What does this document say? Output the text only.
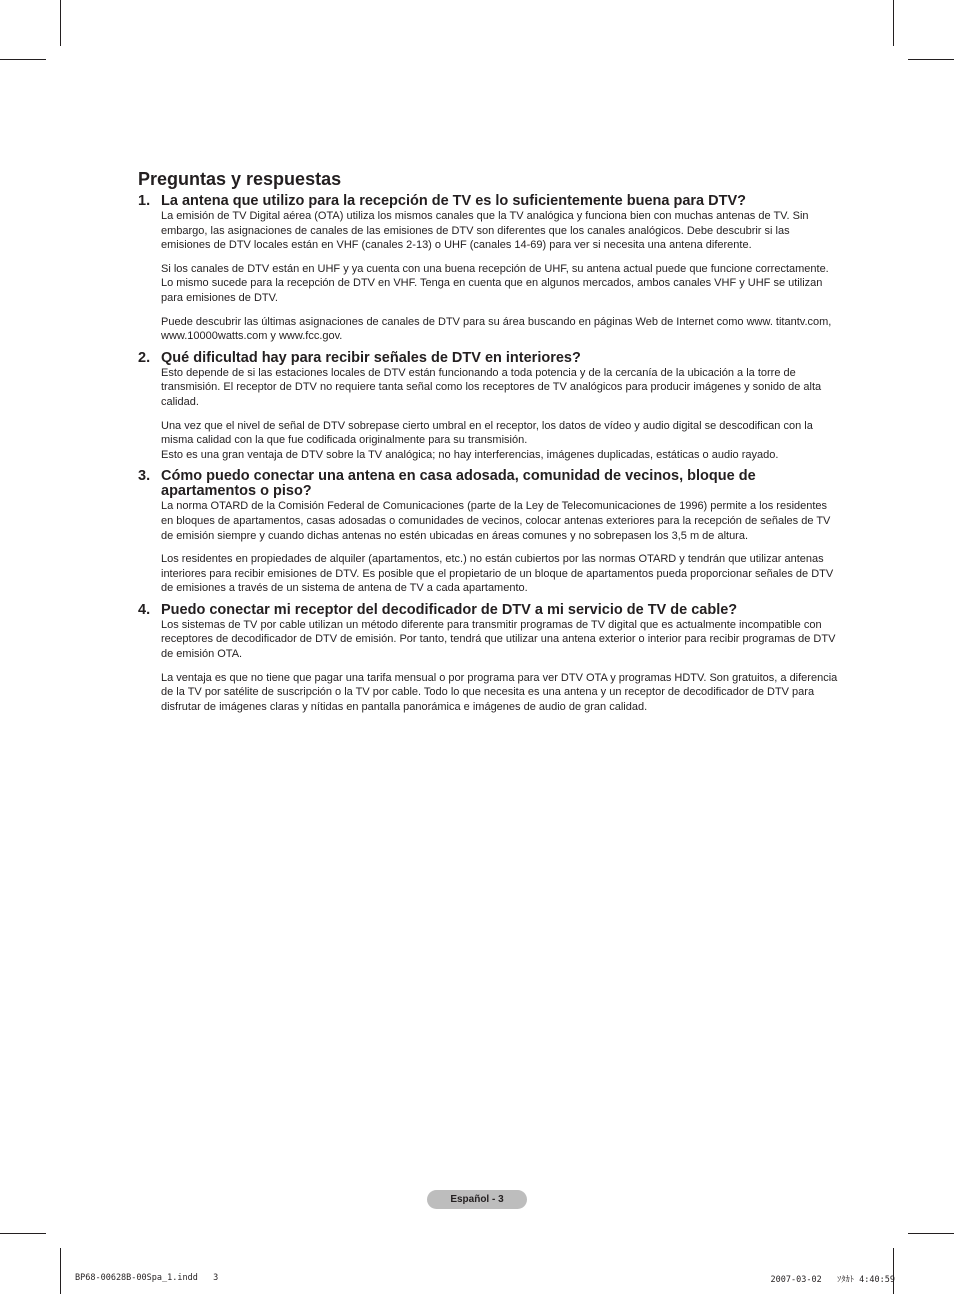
Preguntas y respuestas
1. La antena que utilizo para la recepción de TV es lo suficientemente buena para DTV?

La emisión de TV Digital aérea (OTA) utiliza los mismos canales que la TV analógica y funciona bien con muchas antenas de TV. Sin embargo, las asignaciones de canales de las emisiones de DTV son diferentes que los canales analógicos. Debe descubrir si las emisiones de DTV locales están en VHF (canales 2-13) o UHF (canales 14-69) para ver si necesita una antena diferente.

Si los canales de DTV están en UHF y ya cuenta con una buena recepción de UHF, su antena actual puede que funcione correctamente. Lo mismo sucede para la recepción de DTV en VHF. Tenga en cuenta que en algunos mercados, ambos canales VHF y UHF se utilizan para emisiones de DTV.

Puede descubrir las últimas asignaciones de canales de DTV para su área buscando en páginas Web de Internet como www. titantv.com, www.10000watts.com y www.fcc.gov.

2. Qué dificultad hay para recibir señales de DTV en interiores?

Esto depende de si las estaciones locales de DTV están funcionando a toda potencia y de la cercanía de la ubicación a la torre de transmisión. El receptor de DTV no requiere tanta señal como los receptores de TV analógicos para producir imágenes y sonido de alta calidad.

Una vez que el nivel de señal de DTV sobrepase cierto umbral en el receptor, los datos de vídeo y audio digital se descodifican con la misma calidad con la que fue codificada originalmente para su transmisión.

Esto es una gran ventaja de DTV sobre la TV analógica; no hay interferencias, imágenes duplicadas, estáticas o audio rayado.

3. Cómo puedo conectar una antena en casa adosada, comunidad de vecinos, bloque de apartamentos o piso?

La norma OTARD de la Comisión Federal de Comunicaciones (parte de la Ley de Telecomunicaciones de 1996) permite a los residentes en bloques de apartamentos, casas adosadas o comunidades de vecinos, colocar antenas exteriores para la recepción de señales de TV de emisión siempre y cuando dichas antenas no estén ubicadas en áreas comunes y no sobrepasen los 3,5 m de altura.

Los residentes en propiedades de alquiler (apartamentos, etc.) no están cubiertos por las normas OTARD y tendrán que utilizar antenas interiores para recibir emisiones de DTV. Es posible que el propietario de un bloque de apartamentos pueda proporcionar señales de DTV de emisiones a través de un sistema de antena de TV a cada apartamento.

4. Puedo conectar mi receptor del decodificador de DTV a mi servicio de TV de cable?

Los sistemas de TV por cable utilizan un método diferente para transmitir programas de TV digital que es actualmente incompatible con receptores de decodificador de DTV de emisión. Por tanto, tendrá que utilizar una antena exterior o interior para recibir programas de DTV de emisión OTA.

La ventaja es que no tiene que pagar una tarifa mensual o por programa para ver DTV OTA y programas HDTV. Son gratuitos, a diferencia de la TV por satélite de suscripción o la TV por cable. Todo lo que necesita es una antena y un receptor de decodificador de DTV para disfrutar de imágenes claras y nítidas en pantalla panorámica e imágenes de audio de gran calidad.

Español - 3
BP68-00628B-00Spa_1.indd   3	2007-03-02   ｿﾀｶﾄ 4:40:59
